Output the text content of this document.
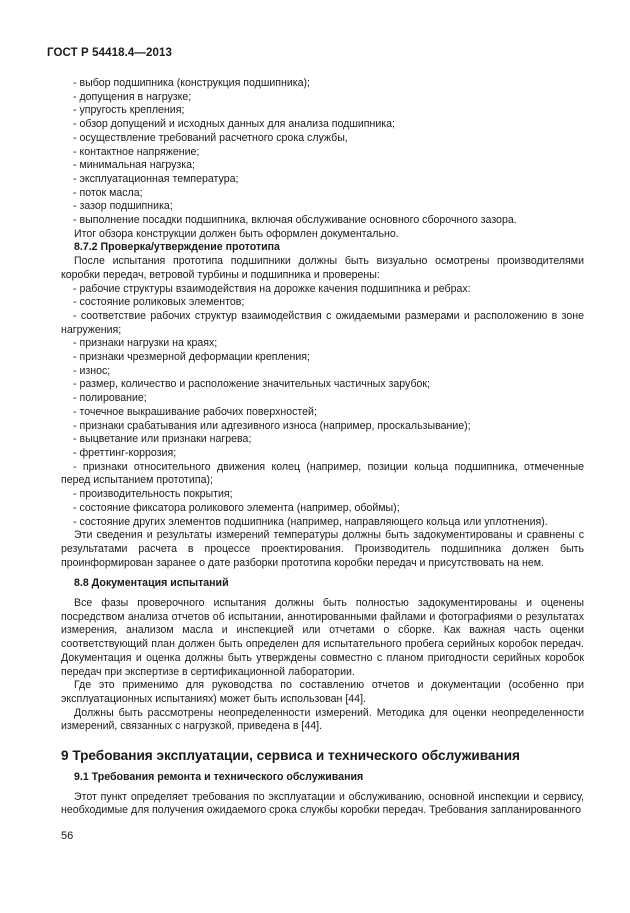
ГОСТ Р 54418.4—2013

- выбор подшипника (конструкция подшипника);

- допущения в нагрузке;

- упругость крепления;

- обзор допущений и исходных данных для анализа подшипника;

- осуществление требований расчетного срока службы,

- контактное напряжение;

- минимальная нагрузка;

- эксплуатационная температура;

- поток масла;

- зазор подшипника;

- выполнение посадки подшипника, включая обслуживание основного сборочного зазора.

Итог обзора конструкции должен быть оформлен документально.

8.7.2 Проверка/утверждение прототипа

После испытания прототипа подшипники должны быть визуально осмотрены производителями коробки передач, ветровой турбины и подшипника и проверены:

- рабочие структуры взаимодействия на дорожке качения подшипника и ребрах:

- состояние роликовых элементов;

- соответствие рабочих структур взаимодействия с ожидаемыми размерами и расположению в зоне нагружения;

- признаки нагрузки на краях;

- признаки чрезмерной деформации крепления;

- износ;

- размер, количество и расположение значительных частичных зарубок;

- полирование;

- точечное выкрашивание рабочих поверхностей;

- признаки срабатывания или адгезивного износа (например, проскальзывание);

- выцветание или признаки нагрева;

- фреттинг-коррозия;

- признаки относительного движения колец (например, позиции кольца подшипника, отмеченные перед испытанием прототипа);

- производительность покрытия;

- состояние фиксатора роликового элемента (например, обоймы);

- состояние других элементов подшипника (например, направляющего кольца или уплотнения).

Эти сведения и результаты измерений температуры должны быть задокументированы и сравнены с результатами расчета в процессе проектирования. Производитель подшипника должен быть проинформирован заранее о дате разборки прототипа коробки передач и присутствовать на нем.

8.8 Документация испытаний

Все фазы проверочного испытания должны быть полностью задокументированы и оценены посредством анализа отчетов об испытании, аннотированными файлами и фотографиями о результатах измерения, анализом масла и инспекцией или отчетами о сборке. Как важная часть оценки соответствующий план должен быть определен для испытательного пробега серийных коробок передач. Документация и оценка должны быть утверждены совместно с планом пригодности серийных коробок передач при экспертизе в сертификационной лаборатории.

Где это применимо для руководства по составлению отчетов и документации (особенно при эксплуатационных испытаниях) может быть использован [44].

Должны быть рассмотрены неопределенности измерений. Методика для оценки неопределенности измерений, связанных с нагрузкой, приведена в [44].

9 Требования эксплуатации, сервиса и технического обслуживания

9.1 Требования ремонта и технического обслуживания

Этот пункт определяет требования по эксплуатации и обслуживанию, основной инспекции и сервису, необходимые для получения ожидаемого срока службы коробки передач. Требования запланированного

56
